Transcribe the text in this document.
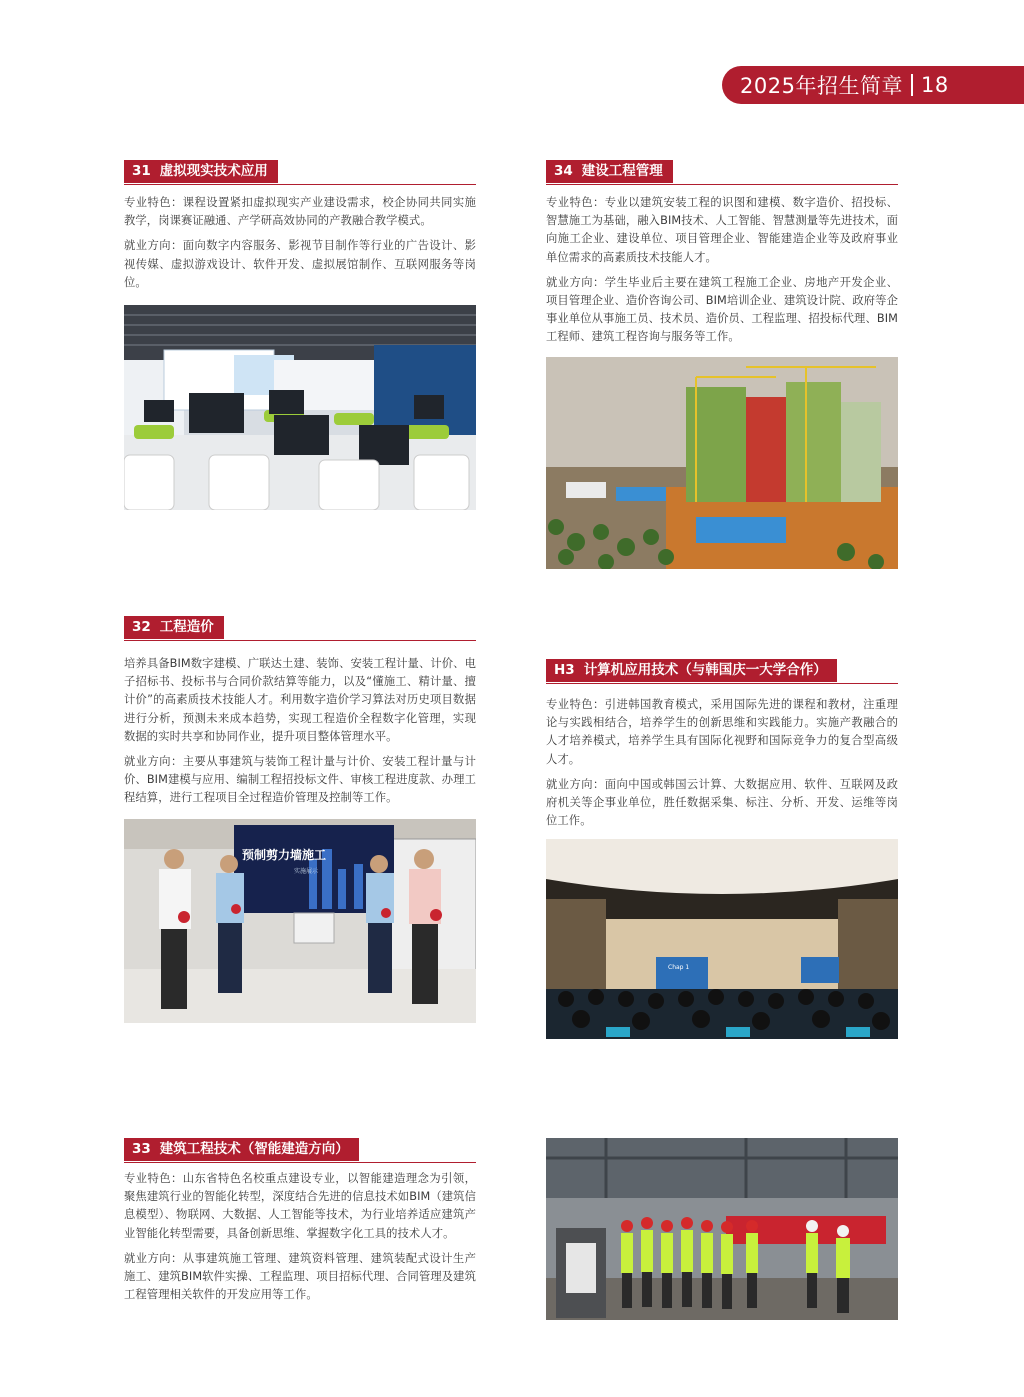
2025年招生简章 18
31 虚拟现实技术应用

专业特色：课程设置紧扣虚拟现实产业建设需求，校企协同共同实施教学，岗课赛证融通、产学研高效协同的产教融合教学模式。

就业方向：面向数字内容服务、影视节目制作等行业的广告设计、影视传媒、虚拟游戏设计、软件开发、虚拟展馆制作、互联网服务等岗位。

34 建设工程管理

专业特色：专业以建筑安装工程的识图和建模、数字造价、招投标、智慧施工为基础，融入BIM技术、人工智能、智慧测量等先进技术，面向施工企业、建设单位、项目管理企业、智能建造企业等及政府事业单位需求的高素质技术技能人才。

就业方向：学生毕业后主要在建筑工程施工企业、房地产开发企业、项目管理企业、造价咨询公司、BIM培训企业、建筑设计院、政府等企事业单位从事施工员、技术员、造价员、工程监理、招投标代理、BIM工程师、建筑工程咨询与服务等工作。

32 工程造价

培养具备BIM数字建模、广联达土建、装饰、安装工程计量、计价、电子招标书、投标书与合同价款结算等能力，以及“懂施工、精计量、擅计价”的高素质技术技能人才。利用数字造价学习算法对历史项目数据进行分析，预测未来成本趋势，实现工程造价全程数字化管理，实现数据的实时共享和协同作业，提升项目整体管理水平。

就业方向：主要从事建筑与装饰工程计量与计价、安装工程计量与计价、BIM建模与应用、编制工程招投标文件、审核工程进度款、办理工程结算，进行工程项目全过程造价管理及控制等工作。

预制剪力墙施工
实施展示
H3 计算机应用技术（与韩国庆一大学合作）

专业特色：引进韩国教育模式，采用国际先进的课程和教材，注重理论与实践相结合，培养学生的创新思维和实践能力。实施产教融合的人才培养模式，培养学生具有国际化视野和国际竞争力的复合型高级人才。

就业方向：面向中国或韩国云计算、大数据应用、软件、互联网及政府机关等企事业单位，胜任数据采集、标注、分析、开发、运维等岗位工作。

Chap 1
33 建筑工程技术（智能建造方向）

专业特色：山东省特色名校重点建设专业，以智能建造理念为引领，聚焦建筑行业的智能化转型，深度结合先进的信息技术如BIM（建筑信息模型）、物联网、大数据、人工智能等技术，为行业培养适应建筑产业智能化转型需要，具备创新思维、掌握数字化工具的技术人才。

就业方向：从事建筑施工管理、建筑资料管理、建筑装配式设计生产施工、建筑BIM软件实操、工程监理、项目招标代理、合同管理及建筑工程管理相关软件的开发应用等工作。
